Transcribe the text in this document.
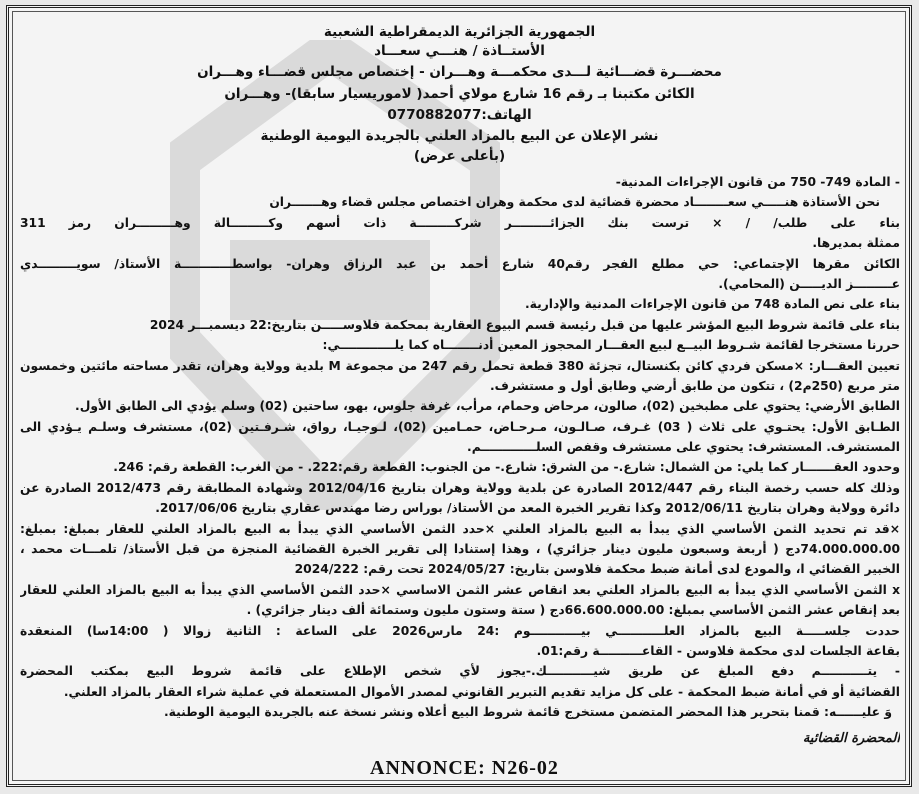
الجمهورية الجزائرية الديمقراطية الشعبية
الأستــاذة / هنـــي سعـــاد
محضـــرة قضـــائية لـــدى محكمـــة وهـــران - إختصاص مجلس قضـــاء وهـــران
الكائن مكتبنا بـ رقم 16 شارع مولاي أحمد( لاموريسيار سابقا)- وهـــران
الهاتف:0770882077
نشر الإعلان عن البيع بالمزاد العلني بالجريدة اليومية الوطنية
(بأعلى عرض)
- المادة 749- 750 من قانون الإجراءات المدنية-
نحن الأستاذة هنـــــي سعــــــــاد محضرة قضائية لدى محكمة وهران اختصاص مجلس قضاء وهـــــــران
بناء على طلب/ / × ترست بنك الجزائـــــــــر شركـــــــــة ذات أسهم وكـــــــــالة وهـــــــــران رمز 311
ممثلة بمديرها.
الكائن مقرها الإجتماعي: حي مطلع الفجر رقم40 شارع أحمد بن عبد الرزاق وهران- بواسطــــــــــــة الأستاذ/ سويـــــــــدي
عـــــــــز الديـــــن (المحامي).
بناء على نص المادة 748 من قانون الإجراءات المدنية والإدارية.
بناء على قائمة شروط البيع المؤشر عليها من قبل رئيسة قسم البيوع العقارية بمحكمة فلاوســـــن بتاريخ:22 ديسمبـــر 2024
حررنا مستخرجا لقائمة شـروط البيــع لبيع العقـــار المحجوز المعين أدنــــــــاه كما يلـــــــــــــي:
تعيين العقـــار: ×مسكن فردي كائن بكنستال، تجزئة 380 قطعة تحمل رقم 247 من مجموعة M بلدية وولاية وهران، تقدر مساحته مائتين وخمسون
متر مربع (250م2) ، تتكون من طابق أرضي وطابق أول و مستشرف.
الطابق الأرضي: يحتوي على مطبخين (02)، صالون، مرحاض وحمام، مرأب، غرفة جلوس، بهو، ساحتين (02) وسلم يؤدي الى الطابق الأول.
الطـابق الأول: يحتـوي على ثلاث ( 03) غـرف، صـالـون، مـرحـاض، حمـامين (02)، لـوجيـا، رواق، شـرفـتين (02)، مستشرف وسلـم يـؤدي الى
المستشرف. المستشرف: يحتوي على مستشرف وقفص السلـــــــــــــم.
وحدود العقـــــــار كما يلي: من الشمال: شارع.- من الشرق: شارع.- من الجنوب: القطعة رقم:222. - من الغرب: القطعة رقم: 246.
وذلك كله حسب رخصة البناء رقم 2012/447 الصادرة عن بلدية وولاية وهران بتاريخ 2012/04/16 وشهادة المطابقة رقم 2012/473 الصادرة عن
دائرة وولاية وهران بتاريخ 2012/06/11 وكذا تقرير الخبرة المعد من الأستاذ/ بوراس رضا مهندس عقاري بتاريخ 2017/06/06.
×قد تم تحديد الثمن الأساسي الذي يبدأ به البيع بالمزاد العلني ×حدد الثمن الأساسي الذي يبدأ به البيع بالمزاد العلني للعقار بمبلغ: بمبلغ:
74.000.000.00دج ( أربعة وسبعون مليون دينار جزائري) ، وهذا إستنادا إلى تقرير الخبرة القضائية المنجزة من قبل الأستاذ/ تلمـــات محمد ،
الخبير القضائي ا، والمودع لدى أمانة ضبط محكمة فلاوسن بتاريخ: 2024/05/27 تحت رقم: 2024/222
x الثمن الأساسي الذي يبدأ به البيع بالمزاد العلني بعد انقاص عشر الثمن الاساسي ×حدد الثمن الأساسي الذي يبدأ به البيع بالمزاد العلني للعقار
بعد إنقاص عشر الثمن الأساسي بمبلغ: 66.600.000.00دج ( ستة وستون مليون وستمائة ألف دينار جزائري) .
حددت جلســـــة البيع بالمزاد العلـــــــــــي بيــــــــــــوم :24 مارس2026 على الساعة : الثانية زوالا ( 14:00سا) المنعقدة
بقاعة الجلسات لدى محكمة فلاوسن - القاعــــــــــة رقم:01.
- يتـــــــــــم دفع المبلغ عن طريق شيـــــــــــك.-يجوز لأي شخص الإطلاع على قائمة شروط البيع بمكتب المحضرة
القضائية أو في أمانة ضبط المحكمة - على كل مزايد تقديم التبرير القانوني لمصدر الأموال المستعملة في عملية شراء العقار بالمزاد العلني.
وَ عليــــــه: قمنا بتحرير هذا المحضر المتضمن مستخرج قائمة شروط البيع أعلاه ونشر نسخة عنه بالجريدة اليومية الوطنية.
المحضرة القضائية
ANNONCE: N26-02
